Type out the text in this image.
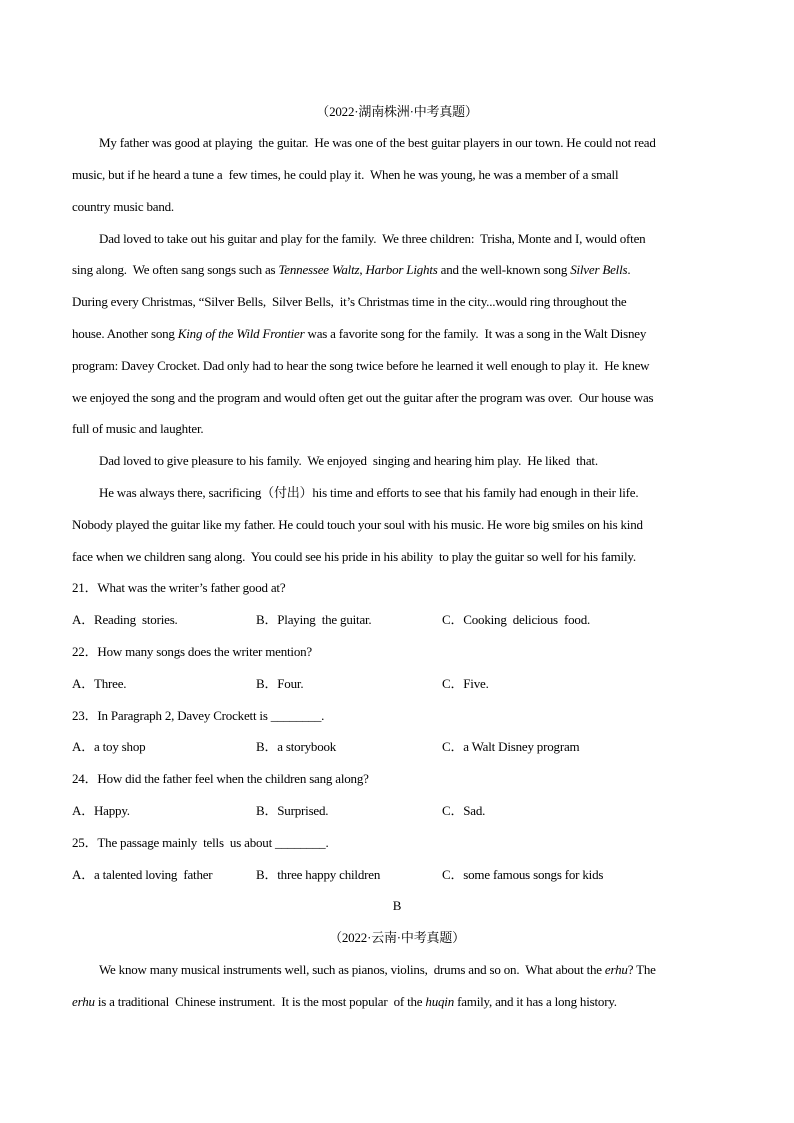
（2022·湖南株洲·中考真题）
My father was good at playing  the guitar.  He was one of the best guitar players in our town. He could not read
music, but if he heard a tune a  few times, he could play it.  When he was young, he was a member of a small
country music band.
Dad loved to take out his guitar and play for the family.  We three children:  Trisha, Monte and I, would often
sing along.  We often sang songs such as Tennessee Waltz, Harbor Lights and the well-known song Silver Bells.
During every Christmas, “Silver Bells,  Silver Bells,  it’s Christmas time in the city...would ring throughout the
house. Another song King of the Wild Frontier was a favorite song for the family.  It was a song in the Walt Disney
program: Davey Crocket. Dad only had to hear the song twice before he learned it well enough to play it.  He knew
we enjoyed the song and the program and would often get out the guitar after the program was over.  Our house was
full of music and laughter.
Dad loved to give pleasure to his family.  We enjoyed  singing and hearing him play.  He liked  that.
He was always there, sacrificing（付出）his time and efforts to see that his family had enough in their life.
Nobody played the guitar like my father. He could touch your soul with his music. He wore big smiles on his kind
face when we children sang along.  You could see his pride in his ability  to play the guitar so well for his family.
21．What was the writer’s father good at?
A．Reading  stories.	B．Playing  the guitar.	C．Cooking  delicious  food.
22．How many songs does the writer mention?
A．Three.	B．Four.	C．Five.
23．In Paragraph 2, Davey Crockett is ________.
A．a toy shop	B．a storybook	C．a Walt Disney program
24．How did the father feel when the children sang along?
A．Happy.	B．Surprised.	C．Sad.
25．The passage mainly  tells  us about ________.
A．a talented loving  father	B．three happy children	C．some famous songs for kids
B
（2022·云南·中考真题）
We know many musical instruments well, such as pianos, violins,  drums and so on.  What about the erhu? The
erhu is a traditional  Chinese instrument.  It is the most popular  of the huqin family, and it has a long history.
